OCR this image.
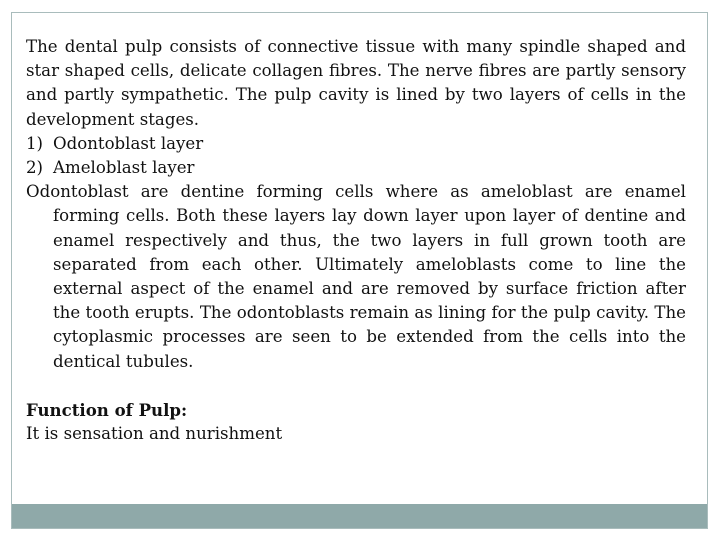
The dental pulp consists of connective tissue with many spindle shaped and star shaped cells, delicate collagen fibres. The nerve fibres are partly sensory and partly sympathetic. The pulp cavity is lined by two layers of cells in the development stages.

1) Odontoblast layer
2) Ameloblast layer

Odontoblast are dentine forming cells where as ameloblast are enamel forming cells. Both these layers lay down layer upon layer of dentine and enamel respectively and thus, the two layers in full grown tooth are separated from each other. Ultimately ameloblasts come to line the external aspect of the enamel and are removed by surface friction after the tooth erupts. The odontoblasts remain as lining for the pulp cavity. The cytoplasmic processes are seen to be extended from the cells into the dentical tubules.

Function of Pulp:

It is sensation and nurishment
